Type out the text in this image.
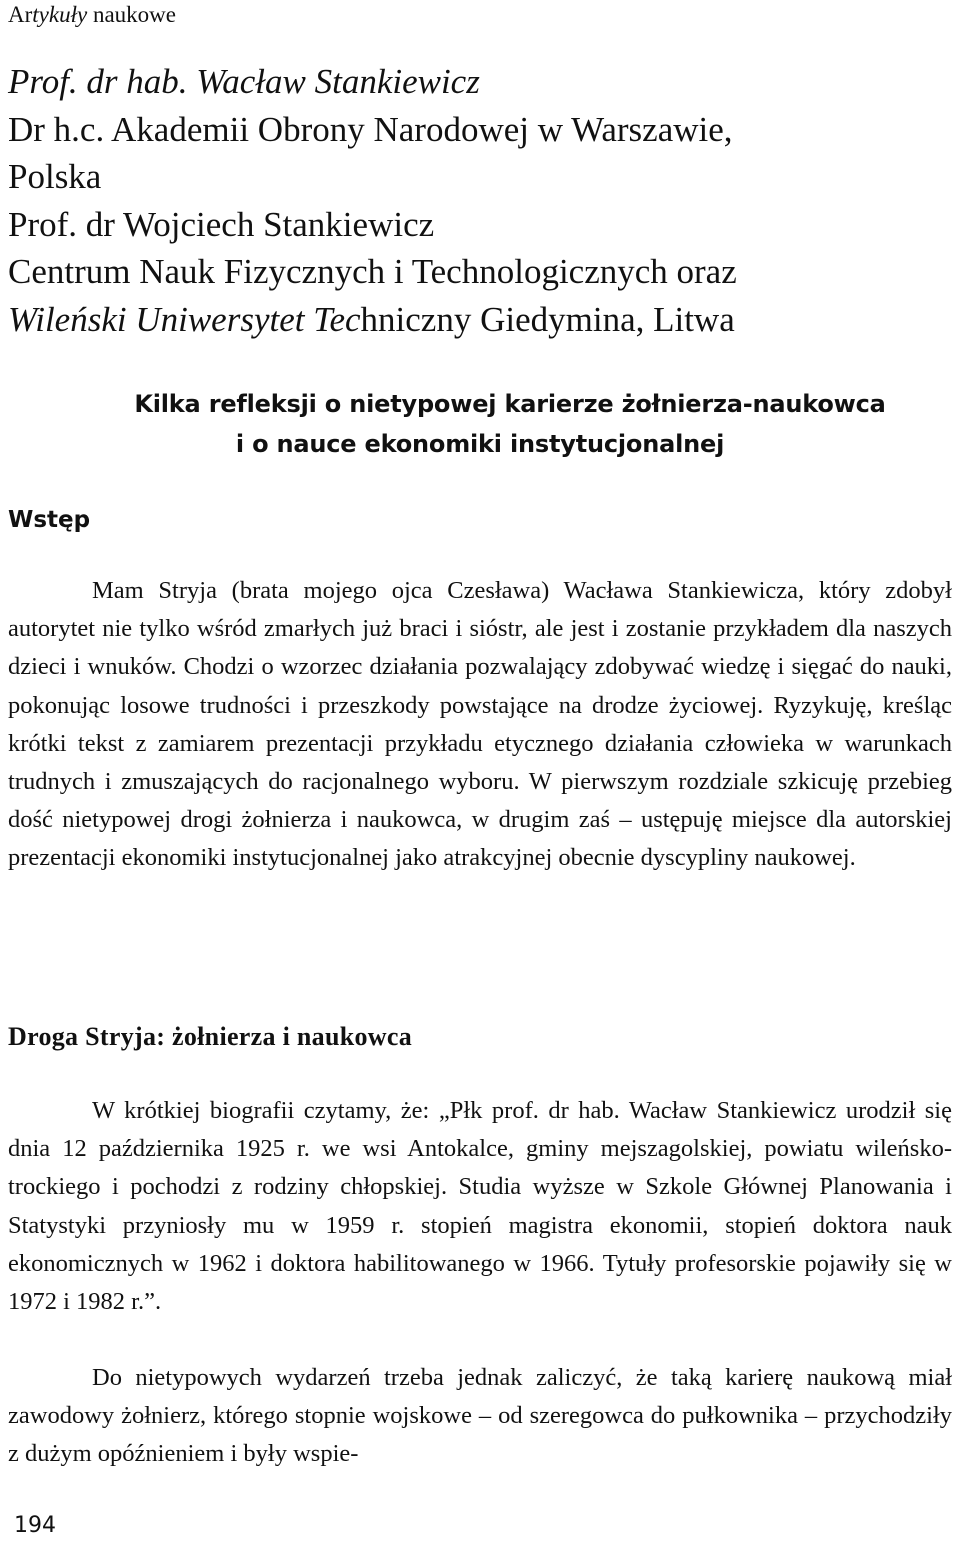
Artykuły naukowe
Prof. dr hab. Wacław Stankiewicz
Dr h.c. Akademii Obrony Narodowej w Warszawie,
Polska
Prof. dr Wojciech Stankiewicz
Centrum Nauk Fizycznych i Technologicznych oraz
Wileński Uniwersytet Techniczny Giedymina, Litwa
Kilka refleksji o nietypowej karierze żołnierza-naukowca
i o nauce ekonomiki instytucjonalnej
Wstęp
Mam Stryja (brata mojego ojca Czesława) Wacława Stankiewicza, który zdobył autorytet nie tylko wśród zmarłych już braci i sióstr, ale jest i zostanie przykładem dla naszych dzieci i wnuków. Chodzi o wzorzec działania pozwalający zdobywać wiedzę i sięgać do nauki, pokonując losowe trudności i przeszkody powstające na drodze życiowej. Ryzykuję, kreśląc krótki tekst z zamiarem prezentacji przykładu etycznego działania człowieka w warunkach trudnych i zmuszających do racjonalnego wyboru. W pierwszym rozdziale szkicuję przebieg dość nietypowej drogi żołnierza i naukowca, w drugim zaś – ustępuję miejsce dla autorskiej prezentacji ekonomiki instytucjonalnej jako atrakcyjnej obecnie dyscypliny naukowej.
Droga Stryja: żołnierza i naukowca
W krótkiej biografii czytamy, że: „Płk prof. dr hab. Wacław Stankiewicz urodził się dnia 12 października 1925 r. we wsi Antokalce, gminy mejszagolskiej, powiatu wileńsko-trockiego i pochodzi z rodziny chłopskiej. Studia wyższe w Szkole Głównej Planowania i Statystyki przyniosły mu w 1959 r. stopień magistra ekonomii, stopień doktora nauk ekonomicznych w 1962 i doktora habilitowanego w 1966. Tytuły profesorskie pojawiły się w 1972 i 1982 r.”.
Do nietypowych wydarzeń trzeba jednak zaliczyć, że taką karierę naukową miał zawodowy żołnierz, którego stopnie wojskowe – od szeregowca do pułkownika – przychodziły z dużym opóźnieniem i były wspie-
194
